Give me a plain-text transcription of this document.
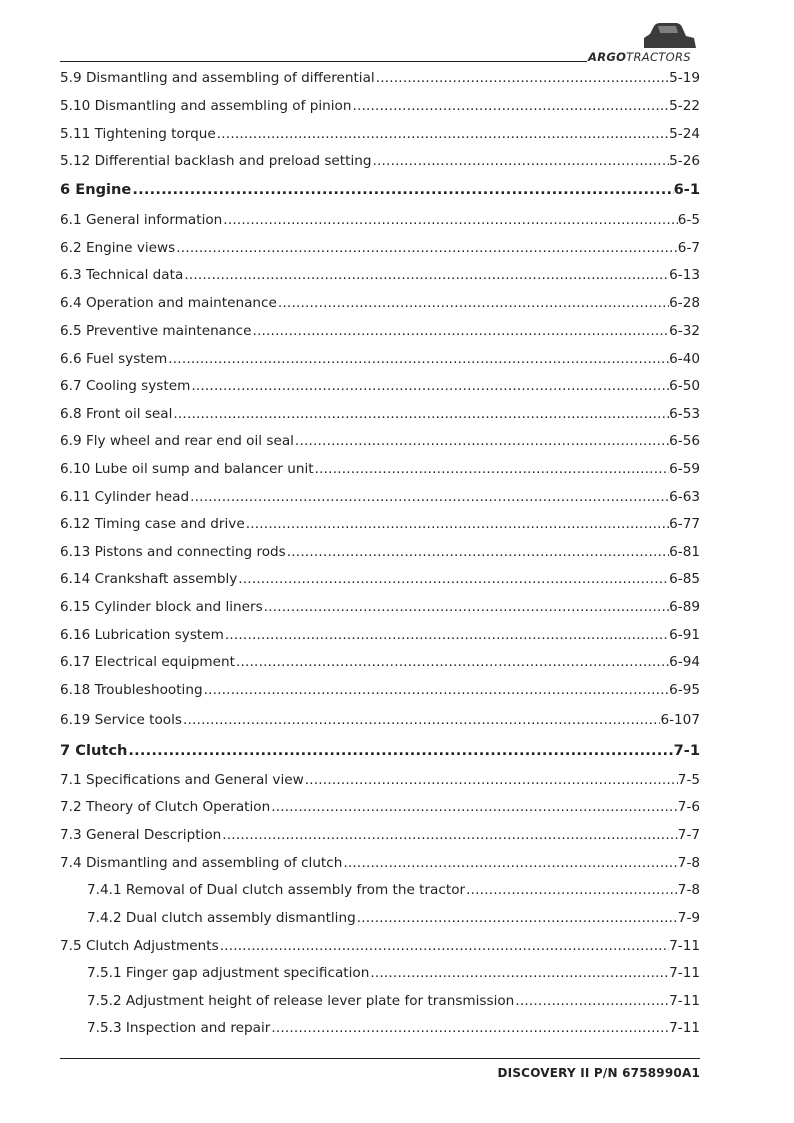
ARGOTRACTORS
5.9 Dismantling and assembling of differential .....	5-19
5.10 Dismantling and assembling of pinion .....	5-22
5.11 Tightening torque .....	5-24
5.12 Differential backlash and preload setting .....	5-26
6 Engine .....	6-1
6.1 General information .....	6-5
6.2 Engine views .....	6-7
6.3 Technical data .....	6-13
6.4 Operation and maintenance .....	6-28
6.5 Preventive maintenance .....	6-32
6.6 Fuel system .....	6-40
6.7 Cooling system .....	6-50
6.8 Front oil seal .....	6-53
6.9 Fly wheel and rear end oil seal .....	6-56
6.10 Lube oil sump and balancer unit .....	6-59
6.11 Cylinder head .....	6-63
6.12 Timing case and drive .....	6-77
6.13 Pistons and connecting rods .....	6-81
6.14 Crankshaft assembly .....	6-85
6.15 Cylinder block and liners .....	6-89
6.16 Lubrication system .....	6-91
6.17 Electrical equipment .....	6-94
6.18 Troubleshooting .....	6-95
6.19 Service tools .....	6-107
7 Clutch .....	7-1
7.1 Specifications and General view .....	7-5
7.2 Theory of Clutch Operation .....	7-6
7.3 General Description .....	7-7
7.4 Dismantling and assembling of clutch .....	7-8
7.4.1 Removal of Dual clutch assembly from the tractor .....	7-8
7.4.2 Dual clutch assembly dismantling .....	7-9
7.5 Clutch Adjustments .....	7-11
7.5.1 Finger gap adjustment specification .....	7-11
7.5.2 Adjustment height of release lever plate for transmission .....	7-11
7.5.3 Inspection and repair .....	7-11
DISCOVERY II P/N 6758990A1
